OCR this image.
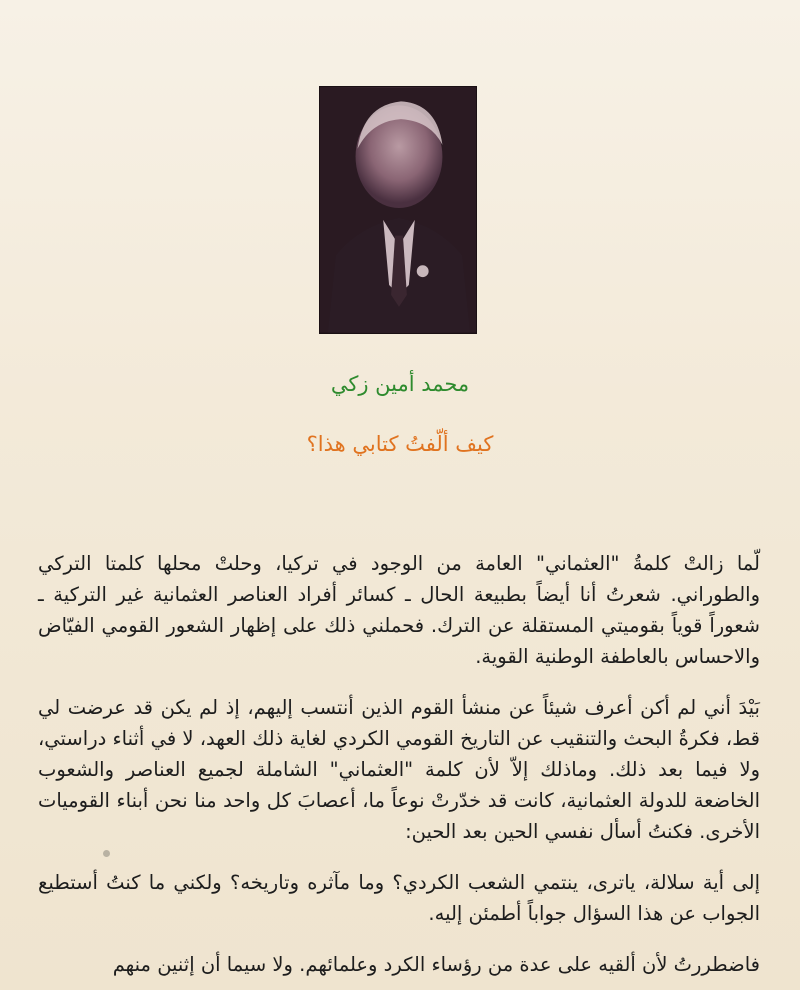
محمد أمين زكي
كيف ألّفتُ كتابي هذا؟

لّما زالتْ كلمةُ "العثماني" العامة من الوجود في تركيا، وحلتْ محلها كلمتا التركي والطوراني. شعرتُ أنا أيضاً بطبيعة الحال ـ كسائر أفراد العناصر العثمانية غير التركية ـ شعوراً قوياً بقوميتي المستقلة عن الترك. فحملني ذلك على إظهار الشعور القومي الفيّاض والاحساس بالعاطفة الوطنية القوية.

بَيْدَ أني لم أكن أعرف شيئاً عن منشأ القوم الذين أنتسب إليهم، إذ لم يكن قد عرضت لي قط، فكرةُ البحث والتنقيب عن التاريخ القومي الكردي لغاية ذلك العهد، لا في أثناء دراستي، ولا فيما بعد ذلك. وماذلك إلاّ لأن كلمة "العثماني" الشاملة لجميع العناصر والشعوب الخاضعة للدولة العثمانية، كانت قد خدّرتْ نوعاً ما، أعصابَ كل واحد منا نحن أبناء القوميات الأخرى. فكنتُ أسأل نفسي الحين بعد الحين:

إلى أية سلالة، ياترى، ينتمي الشعب الكردي؟ وما مآثره وتاريخه؟ ولكني ما كنتُ أستطيع الجواب عن هذا السؤال جواباً أطمئن إليه.

فاضطررتُ لأن ألقيه على عدة من رؤساء الكرد وعلمائهم. ولا سيما أن إثنين منهم
